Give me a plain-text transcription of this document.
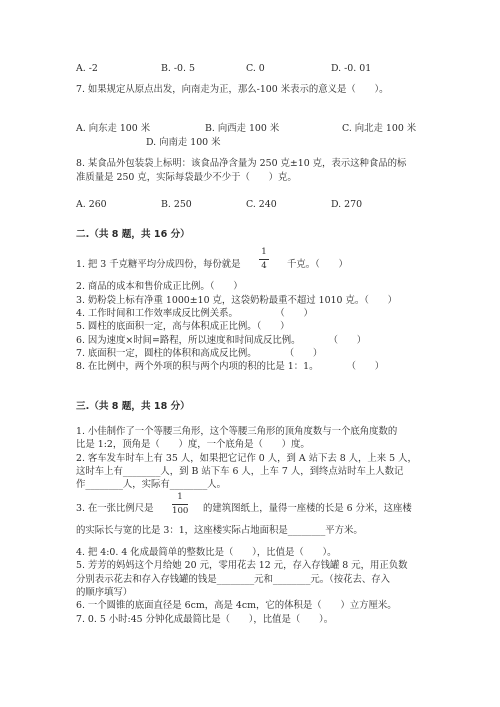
A. -2	B. -0. 5	C. 0	D. -0. 01
7. 如果规定从原点出发，向南走为正，那么-100 米表示的意义是（　　）。
A. 向东走 100 米	B. 向西走 100 米	C. 向北走 100 米
D. 向南走 100 米
8. 某食品外包装袋上标明：该食品净含量为 250 克±10 克，表示这种食品的标
准质量是 250 克，实际每袋最少不少于（　　）克。
A. 260	B. 250	C. 240	D. 270
二.（共 8 题，共 16 分）
1. 把 3 千克糖平均分成四份，每份就是
1
4 千克。（　　）
2. 商品的成本和售价成正比例。（　　）
3. 奶粉袋上标有净重 1000±10 克，这袋奶粉最重不超过 1010 克。（　　）
4. 工作时间和工作效率成反比例关系。　　　　　（　　）
5. 圆柱的底面积一定，高与体积成正比例。（　　）
6. 因为速度×时间=路程，所以速度和时间成反比例。　　　　（　　）
7. 底面积一定，圆柱的体积和高成反比例。　　　　（　　）
8. 在比例中，两个外项的积与两个内项的积的比是 1：1。　　　　（　　）
三.（共 8 题，共 18 分）
1. 小佳制作了一个等腰三角形，这个等腰三角形的顶角度数与一个底角度数的
比是 1:2，顶角是（　　）度，一个底角是（　　）度。
2. 客车发车时车上有 35 人，如果把它记作 0 人，到 A 站下去 8 人，上来 5 人，
这时车上有________人，到 B 站下车 6 人，上车 7 人，到终点站时车上人数记
作________人，实际有________人。
3. 在一张比例尺是
1
100 的建筑图纸上，量得一座楼的长是 6 分米，这座楼
的实际长与宽的比是 3：1，这座楼实际占地面积是________平方米。
4. 把 4:0. 4 化成最简单的整数比是（　　），比值是（　　）。
5. 芳芳的妈妈这个月给她 20 元，零用花去 12 元，存入存钱罐 8 元，用正负数
分别表示花去和存入存钱罐的钱是________元和________元。（按花去、存入
的顺序填写）
6. 一个圆锥的底面直径是 6cm，高是 4cm，它的体积是（　　）立方厘米。
7. 0. 5 小时:45 分钟化成最简比是（　　），比值是（　　）。
